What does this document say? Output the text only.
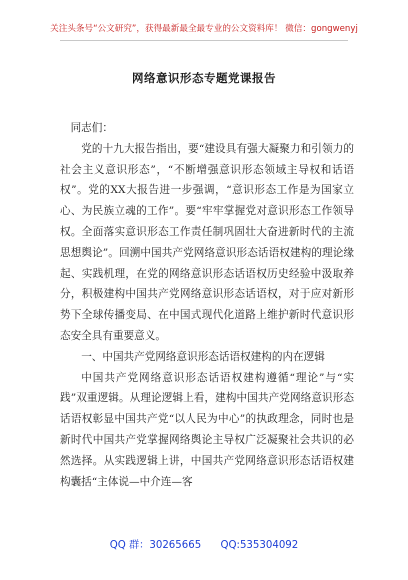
关注头条号“公文研究”，获得最新最全最专业的公文资料库！ 微信：gongwenyj
网络意识形态专题党课报告

同志们：

党的十九大报告指出，要“建设具有强大凝聚力和引领力的社会主义意识形态”，“不断增强意识形态领域主导权和话语权”。党的XX大报告进一步强调，“意识形态工作是为国家立心、为民族立魂的工作”。要“牢牢掌握党对意识形态工作领导权。全面落实意识形态工作责任制巩固壮大奋进新时代的主流思想舆论”。回溯中国共产党网络意识形态话语权建构的理论缘起、实践机理，在党的网络意识形态话语权历史经验中汲取养分，积极建构中国共产党网络意识形态话语权，对于应对新形势下全球传播变局、在中国式现代化道路上维护新时代意识形态安全具有重要意义。

一、中国共产党网络意识形态话语权建构的内在逻辑

中国共产党网络意识形态话语权建构遵循“理论”与“实践”双重逻辑。从理论逻辑上看，建构中国共产党网络意识形态话语权彰显中国共产党“以人民为中心”的执政理念，同时也是新时代中国共产党掌握网络舆论主导权广泛凝聚社会共识的必然选择。从实践逻辑上讲，中国共产党网络意识形态话语权建构囊括“主体说—中介连—客

QQ 群：30265665 QQ:535304092
